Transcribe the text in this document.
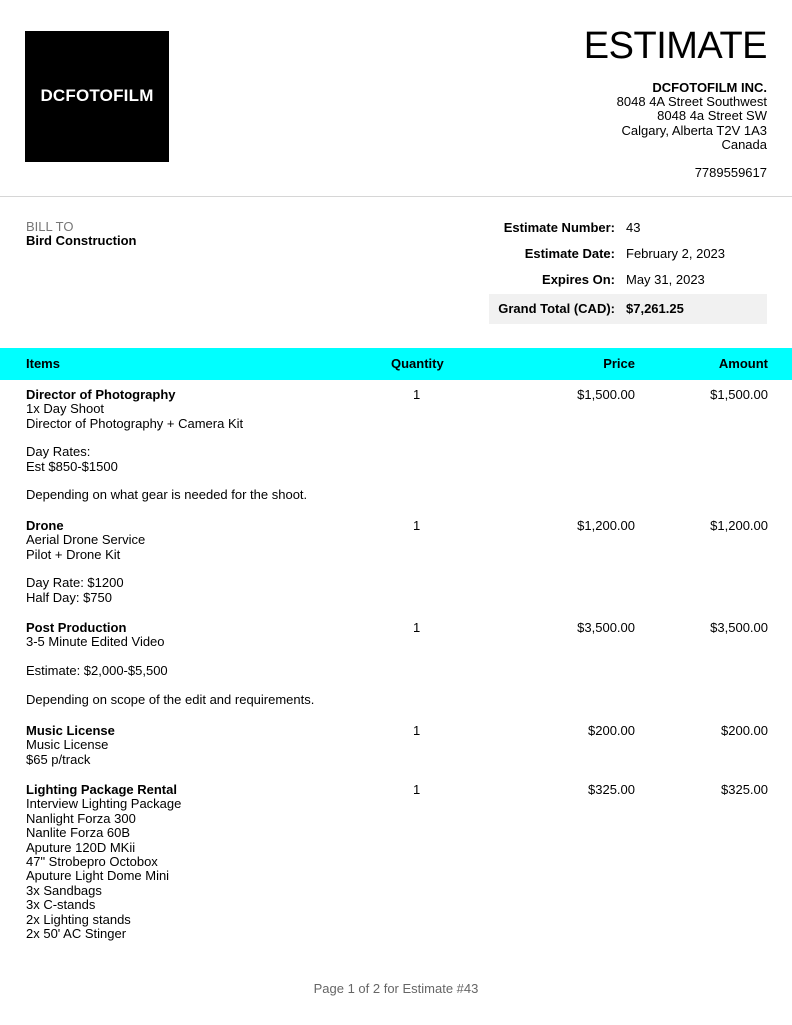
DCFOTOFILM
ESTIMATE
DCFOTOFILM INC.
8048 4A Street Southwest
8048 4a Street SW
Calgary, Alberta T2V 1A3
Canada
7789559617
BILL TO
Bird Construction
Estimate Number: 43
Estimate Date: February 2, 2023
Expires On: May 31, 2023
Grand Total (CAD): $7,261.25
Items	Quantity	Price	Amount
Director of Photography
1x Day Shoot
Director of Photography + Camera Kit
Day Rates:
Est $850-$1500
Depending on what gear is needed for the shoot.
1	$1,500.00	$1,500.00
Drone
Aerial Drone Service
Pilot + Drone Kit
Day Rate: $1200
Half Day: $750
1	$1,200.00	$1,200.00
Post Production
3-5 Minute Edited Video
Estimate: $2,000-$5,500
Depending on scope of the edit and requirements.
1	$3,500.00	$3,500.00
Music License
Music License
$65 p/track
1	$200.00	$200.00
Lighting Package Rental
Interview Lighting Package
Nanlight Forza 300
Nanlite Forza 60B
Aputure 120D MKii
47" Strobepro Octobox
Aputure Light Dome Mini
3x Sandbags
3x C-stands
2x Lighting stands
2x 50' AC Stinger
1	$325.00	$325.00
Page 1 of 2 for Estimate #43
